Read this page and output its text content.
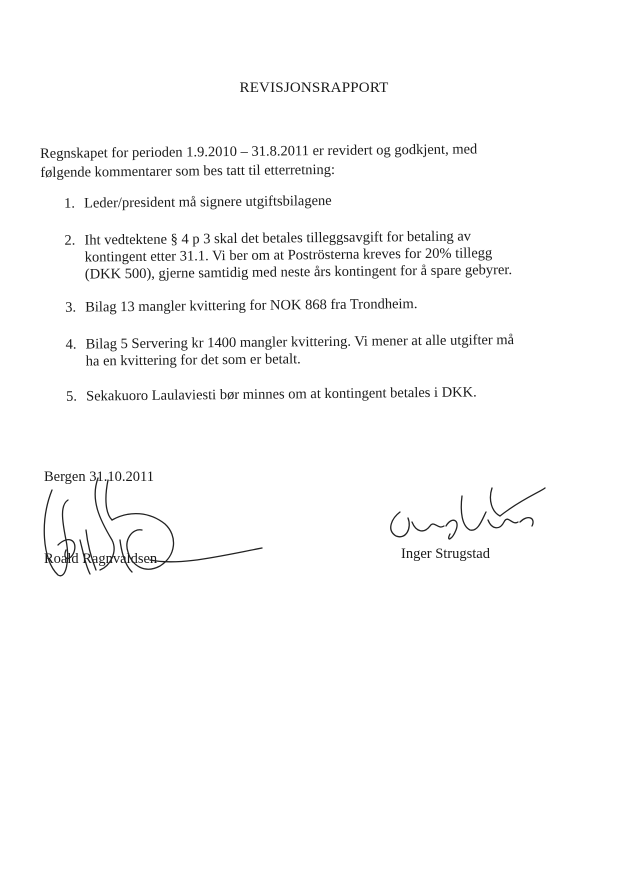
REVISJONSRAPPORT
Regnskapet for perioden 1.9.2010 – 31.8.2011 er revidert og godkjent, med følgende kommentarer som bes tatt til etterretning:
1. Leder/president må signere utgiftsbilagene
2. Iht vedtektene § 4 p 3 skal det betales tilleggsavgift for betaling av kontingent etter 31.1. Vi ber om at Poströsterna kreves for 20% tillegg (DKK 500), gjerne samtidig med neste års kontingent for å spare gebyrer.
3. Bilag 13 mangler kvittering for NOK 868 fra Trondheim.
4. Bilag 5 Servering kr 1400 mangler kvittering. Vi mener at alle utgifter må ha en kvittering for det som er betalt.
5. Sekakuoro Laulaviesti bør minnes om at kontingent betales i DKK.
Bergen 31.10.2011
Roald Ragnvaldsen	Inger Strugstad
